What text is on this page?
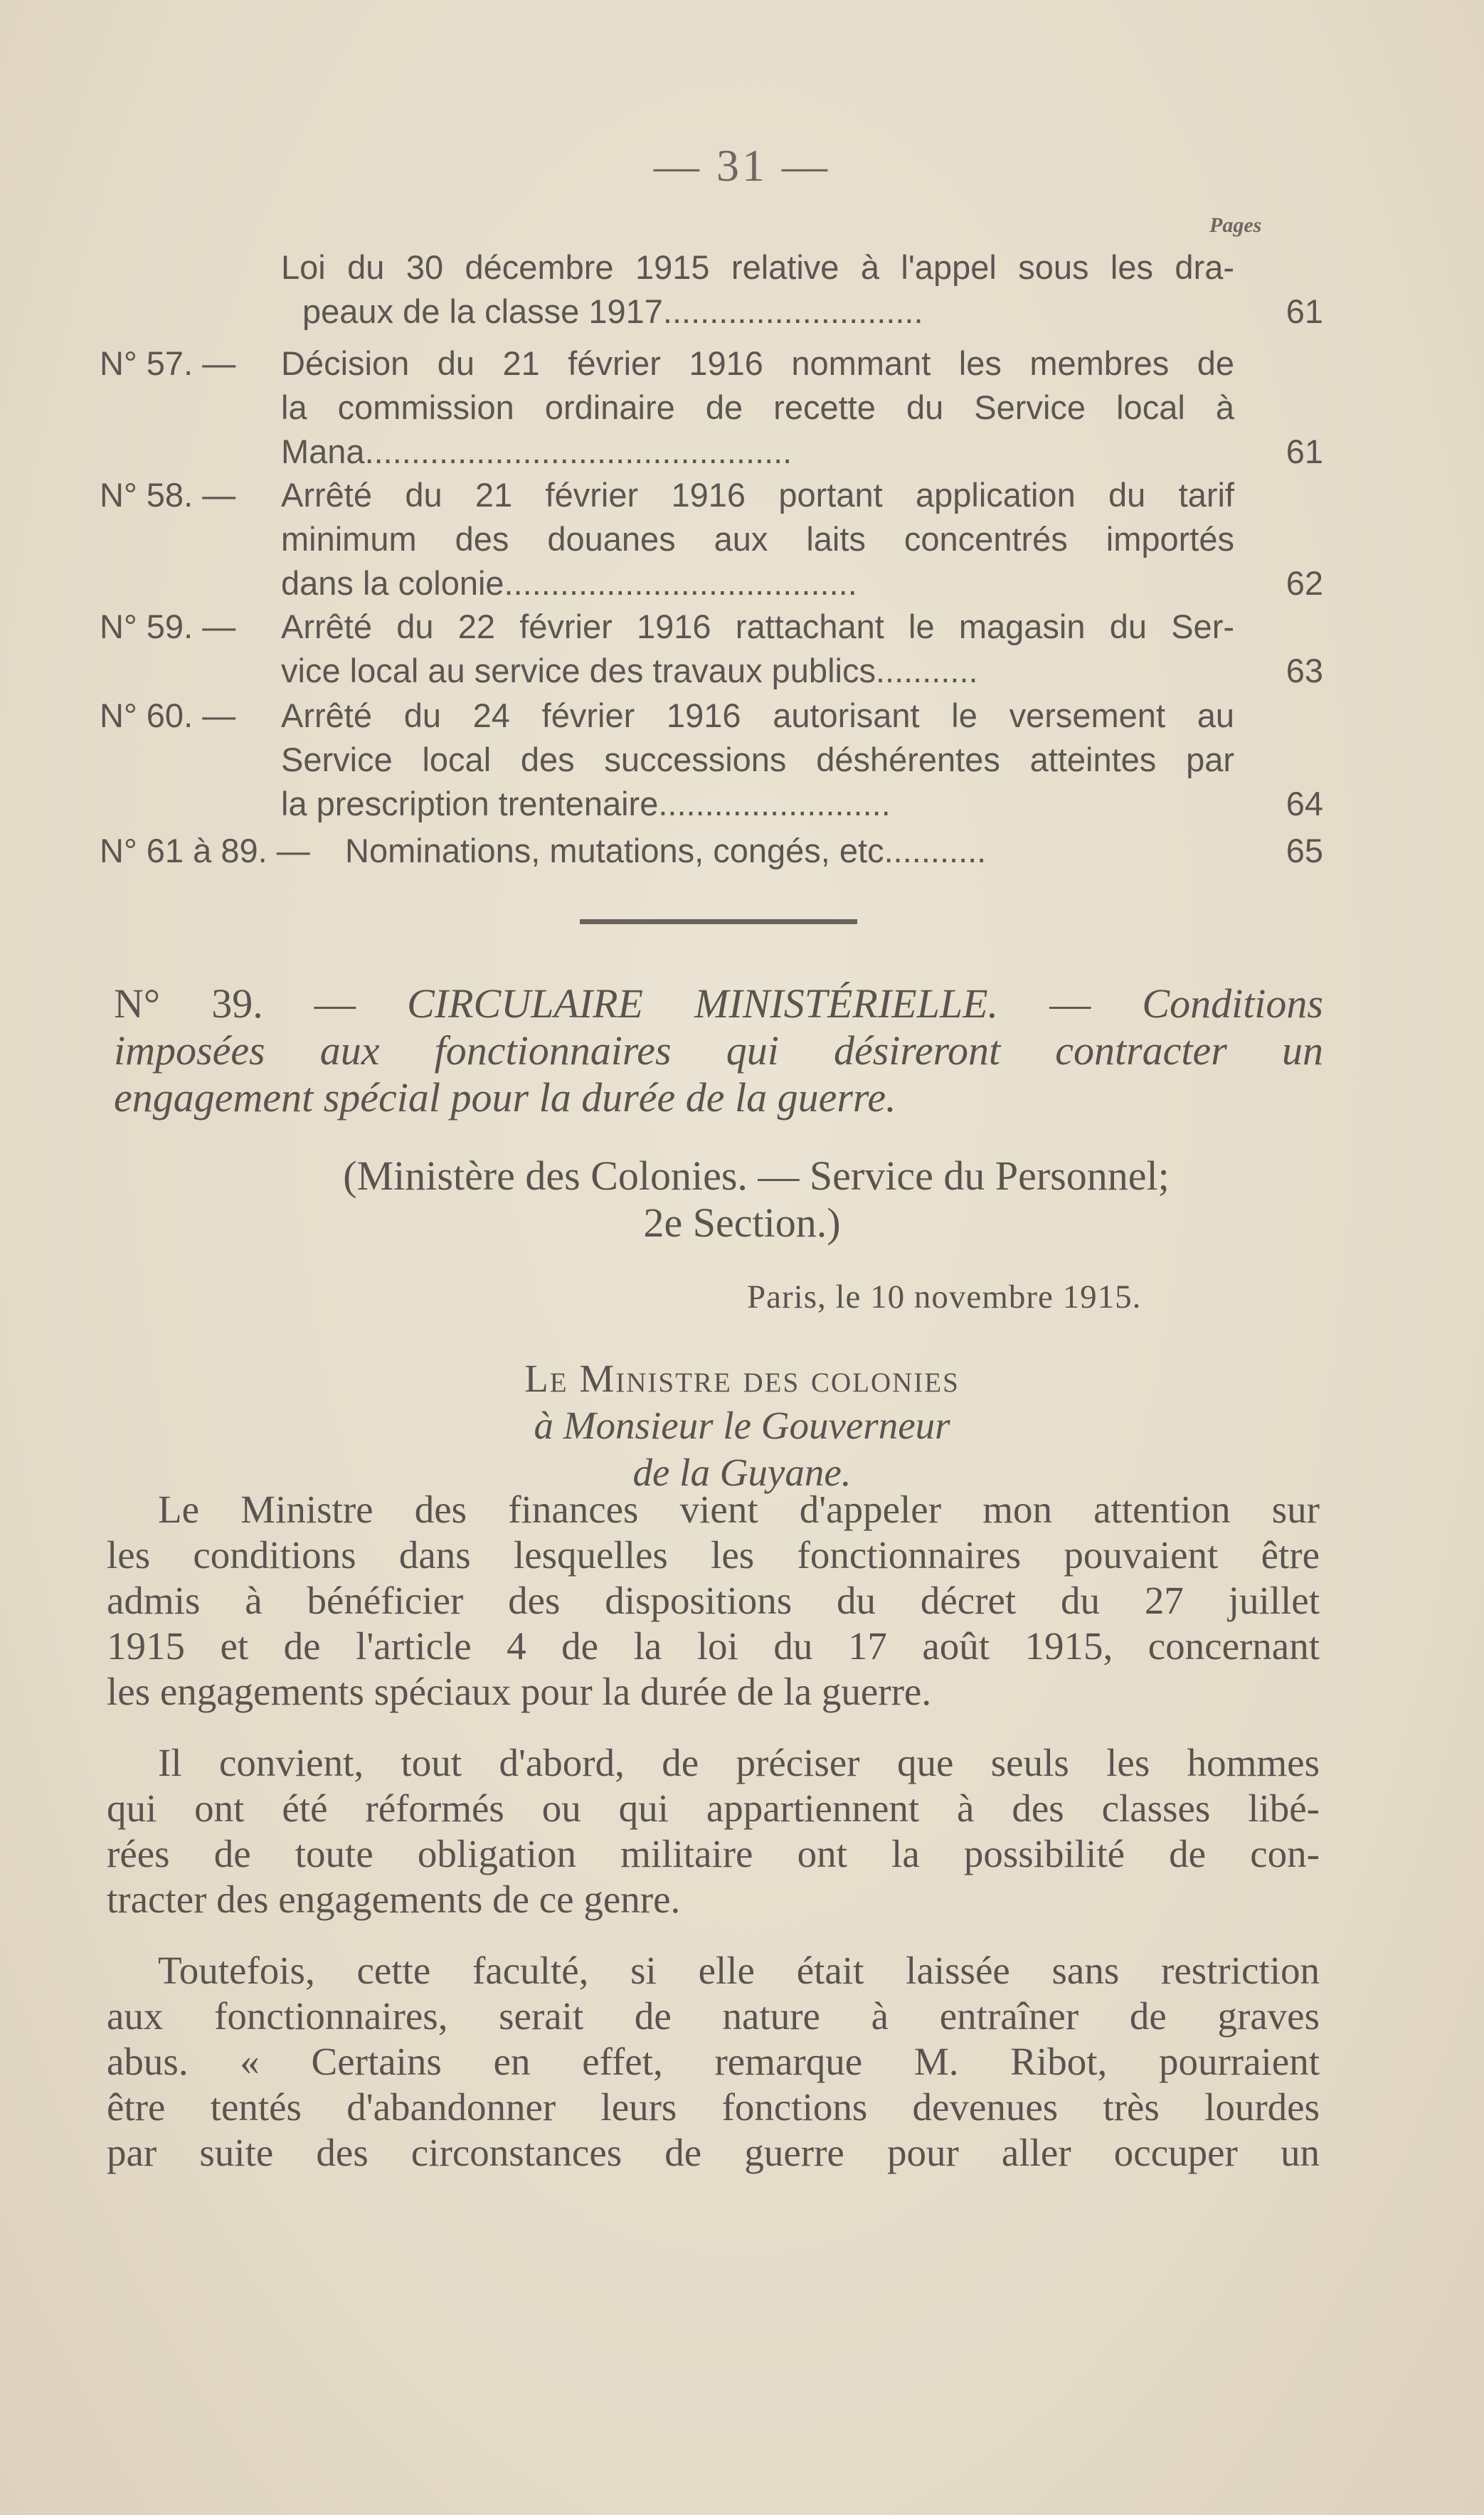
— 31 —
Pages
Loi du 30 décembre 1915 relative à l'appel sous les dra-
peaux de la classe 1917............................	61
N° 57. — Décision du 21 février 1916 nommant les membres de
la commission ordinaire de recette du Service local à
Mana..............................................	61
N° 58. — Arrêté du 21 février 1916 portant application du tarif
minimum des douanes aux laits concentrés importés
dans la colonie......................................	62
N° 59. — Arrêté du 22 février 1916 rattachant le magasin du Ser-
vice local au service des travaux publics...........	63
N° 60. — Arrêté du 24 février 1916 autorisant le versement au
Service local des successions déshérentes atteintes par
la prescription trentenaire.........................	64
N° 61 à 89. — Nominations, mutations, congés, etc...........	65
N° 39. — CIRCULAIRE MINISTÉRIELLE. — Conditions
imposées aux fonctionnaires qui désireront contracter un
engagement spécial pour la durée de la guerre.
(Ministère des Colonies. — Service du Personnel;
2e Section.)
Paris, le 10 novembre 1915.
Le Ministre des colonies
à Monsieur le Gouverneur
de la Guyane.
Le Ministre des finances vient d'appeler mon attention sur
les conditions dans lesquelles les fonctionnaires pouvaient être
admis à bénéficier des dispositions du décret du 27 juillet
1915 et de l'article 4 de la loi du 17 août 1915, concernant
les engagements spéciaux pour la durée de la guerre.
Il convient, tout d'abord, de préciser que seuls les hommes
qui ont été réformés ou qui appartiennent à des classes libé-
rées de toute obligation militaire ont la possibilité de con-
tracter des engagements de ce genre.
Toutefois, cette faculté, si elle était laissée sans restriction
aux fonctionnaires, serait de nature à entraîner de graves
abus. « Certains en effet, remarque M. Ribot, pourraient
être tentés d'abandonner leurs fonctions devenues très lourdes
par suite des circonstances de guerre pour aller occuper un
